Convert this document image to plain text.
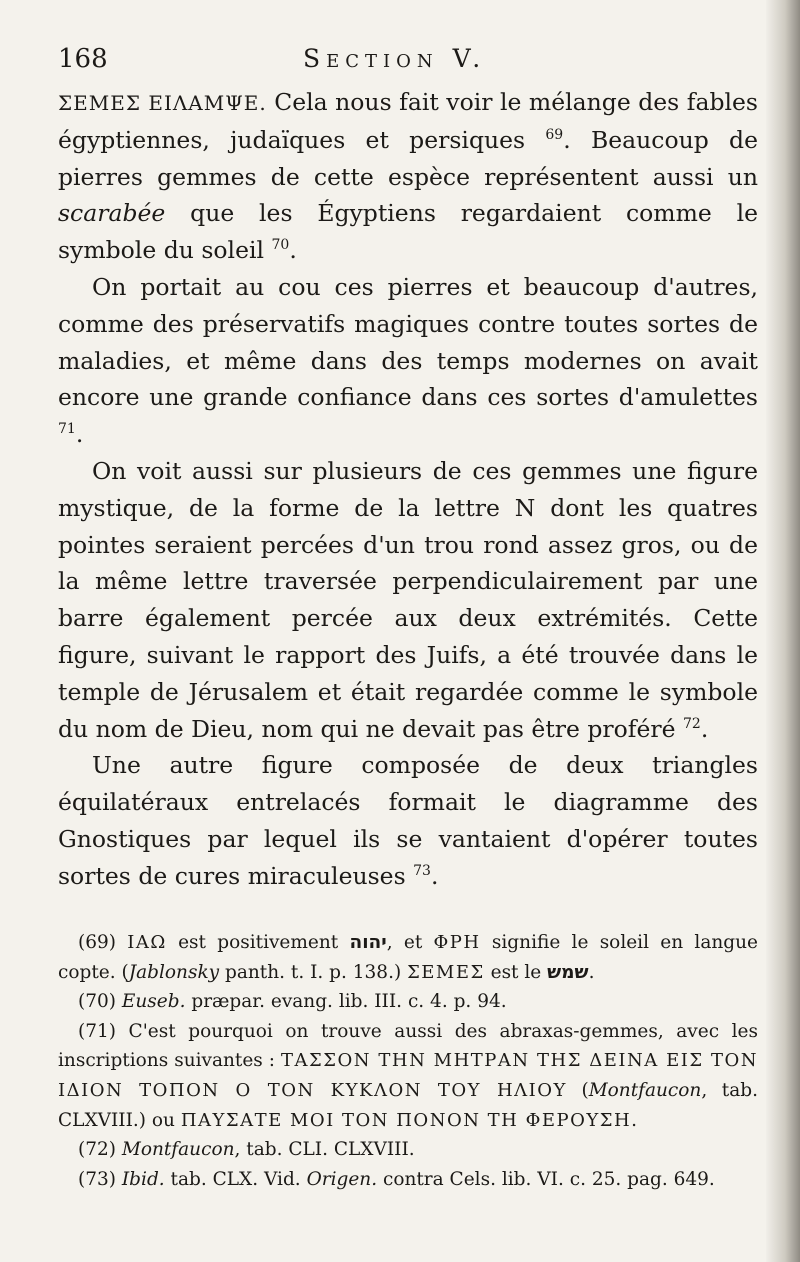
168	Section V.

ΣΕΜΕΣ ΕΙΛΑΜΨΕ. Cela nous fait voir le mélange des fables égyptiennes, judaïques et persiques $^{69}$. Beaucoup de pierres gemmes de cette espèce représentent aussi un scarabée que les Égyptiens regardaient comme le symbole du soleil $^{70}$.

On portait au cou ces pierres et beaucoup d'autres, comme des préservatifs magiques contre toutes sortes de maladies, et même dans des temps modernes on avait encore une grande confiance dans ces sortes d'amulettes $^{71}$.

On voit aussi sur plusieurs de ces gemmes une figure mystique, de la forme de la lettre N dont les quatres pointes seraient percées d'un trou rond assez gros, ou de la même lettre traversée perpendiculairement par une barre également percée aux deux extrémités. Cette figure, suivant le rapport des Juifs, a été trouvée dans le temple de Jérusalem et était regardée comme le symbole du nom de Dieu, nom qui ne devait pas être proféré $^{72}$.

Une autre figure composée de deux triangles équilatéraux entrelacés formait le diagramme des Gnostiques par lequel ils se vantaient d'opérer toutes sortes de cures miraculeuses $^{73}$.

(69) ΙΑΩ est positivement יהוה, et ΦΡΗ signifie le soleil en langue copte. (Jablonsky panth. t. I. p. 138.) ΣΕΜΕΣ est le שמש.

(70) Euseb. præpar. evang. lib. III. c. 4. p. 94.

(71) C'est pourquoi on trouve aussi des abraxas-gemmes, avec les inscriptions suivantes : ΤΑΣΣΟΝ ΤΗΝ ΜΗΤΡΑΝ ΤΗΣ ΔΕΙΝΑ ΕΙΣ ΤΟΝ ΙΔΙΟΝ ΤΟΠΟΝ Ο ΤΟΝ ΚΥΚΛΟΝ ΤΟΥ ΗΛΙΟΥ (Montfaucon, tab. CLXVIII.) ou ΠΑΥΣΑΤΕ ΜΟΙ ΤΟΝ ΠΟΝΟΝ ΤΗ ΦΕΡΟΥΣΗ.

(72) Montfaucon, tab. CLI. CLXVIII.

(73) Ibid. tab. CLX. Vid. Origen. contra Cels. lib. VI. c. 25. pag. 649.
